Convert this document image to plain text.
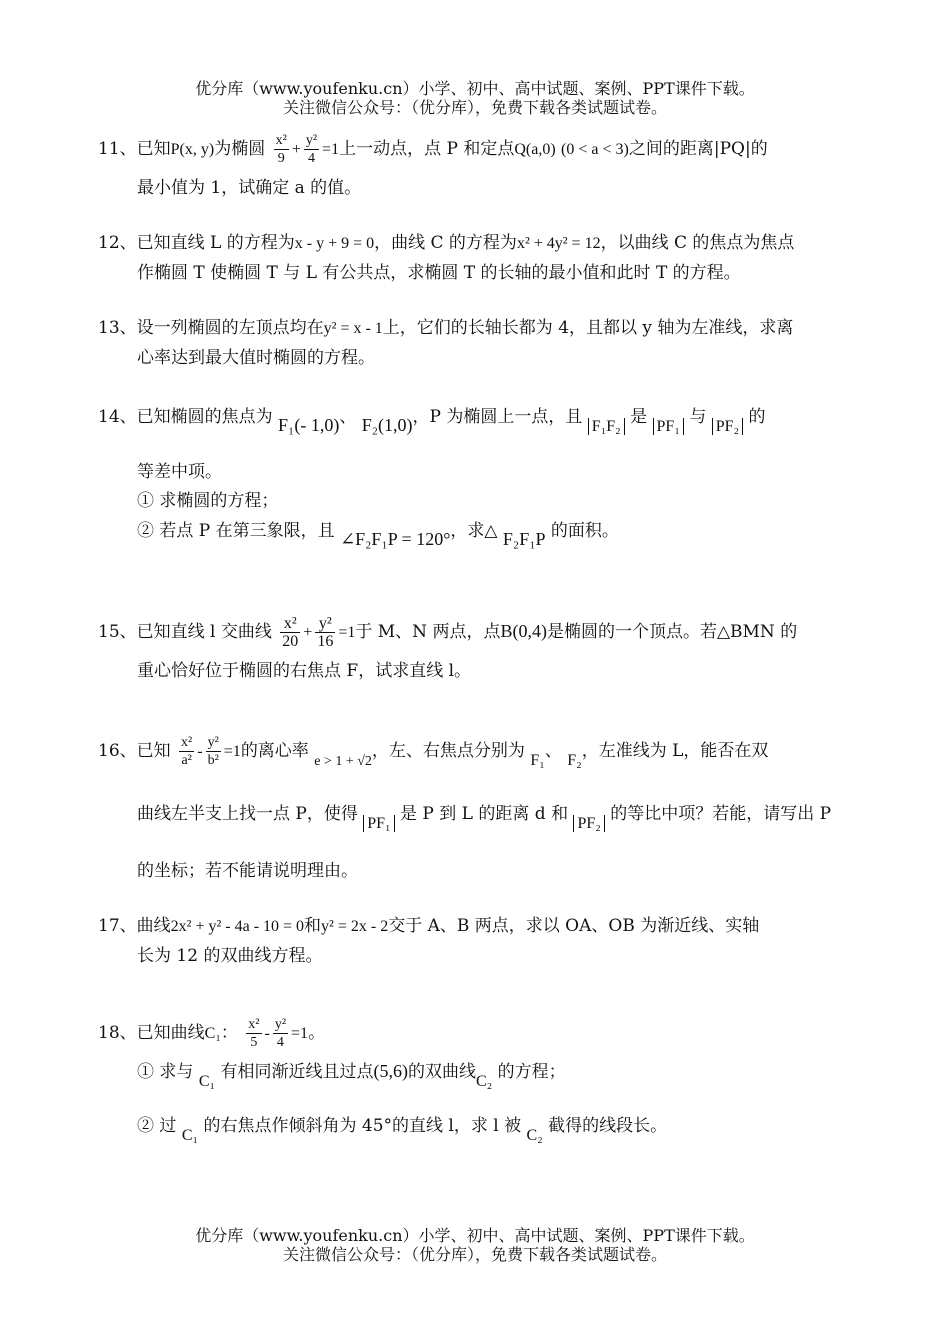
优分库（www.youfenku.cn）小学、初中、高中试题、案例、PPT课件下载。
关注微信公众号：（优分库），免费下载各类试题试卷。
11、已知P(x, y)为椭圆 $\frac{\text{x²}}{9} + \frac{\text{y²}}{4} =1$上一动点，点 P 和定点Q(a,0) (0 < a < 3)之间的距离|PQ|的
最小值为 1，试确定 a 的值。
12、已知直线 L 的方程为x - y + 9 = 0，曲线 C 的方程为x² + 4y² = 12，以曲线 C 的焦点为焦点
作椭圆 T 使椭圆 T 与 L 有公共点，求椭圆 T 的长轴的最小值和此时 T 的方程。
13、设一列椭圆的左顶点均在y² = x - 1上，它们的长轴长都为 4，且都以 y 轴为左准线，求离
心率达到最大值时椭圆的方程。
14、已知椭圆的焦点为 F₁(- 1,0)、 F₂(1,0)，P 为椭圆上一点，且 F₁F₂ 是 PF₁ 与 PF₂ 的
等差中项。
① 求椭圆的方程；
② 若点 P 在第三象限，且 ∠F₂F₁P = 120°，求△ F₂F₁P 的面积。
15、已知直线 l 交曲线 $\frac{\text{x²}}{20} + \frac{\text{y²}}{16} =1$于 M、N 两点，点B(0,4)是椭圆的一个顶点。若△BMN 的
重心恰好位于椭圆的右焦点 F，试求直线 l。
16、已知 $\frac{\text{x²}}{\text{a²}} - \frac{\text{y²}}{\text{b²}} =1$的离心率 $_{e > 1 + √2}$，左、右焦点分别为 F₁、 F₂，左准线为 L，能否在双
曲线左半支上找一点 P，使得 PF₁ 是 P 到 L 的距离 d 和 PF₂ 的等比中项？若能，请写出 P
的坐标；若不能请说明理由。
17、曲线2x² + y² - 4a - 10 = 0和y² = 2x - 2交于 A、B 两点，求以 OA、OB 为渐近线、实轴
长为 12 的双曲线方程。
18、已知曲线C₁： $\frac{\text{x²}}{5} - \frac{\text{y²}}{4} =1$。
① 求与 C₁ 有相同渐近线且过点(5,6)的双曲线C₂ 的方程；
② 过 C₁ 的右焦点作倾斜角为 45°的直线 l，求 l 被 C₂ 截得的线段长。
优分库（www.youfenku.cn）小学、初中、高中试题、案例、PPT课件下载。
关注微信公众号：（优分库），免费下载各类试题试卷。
